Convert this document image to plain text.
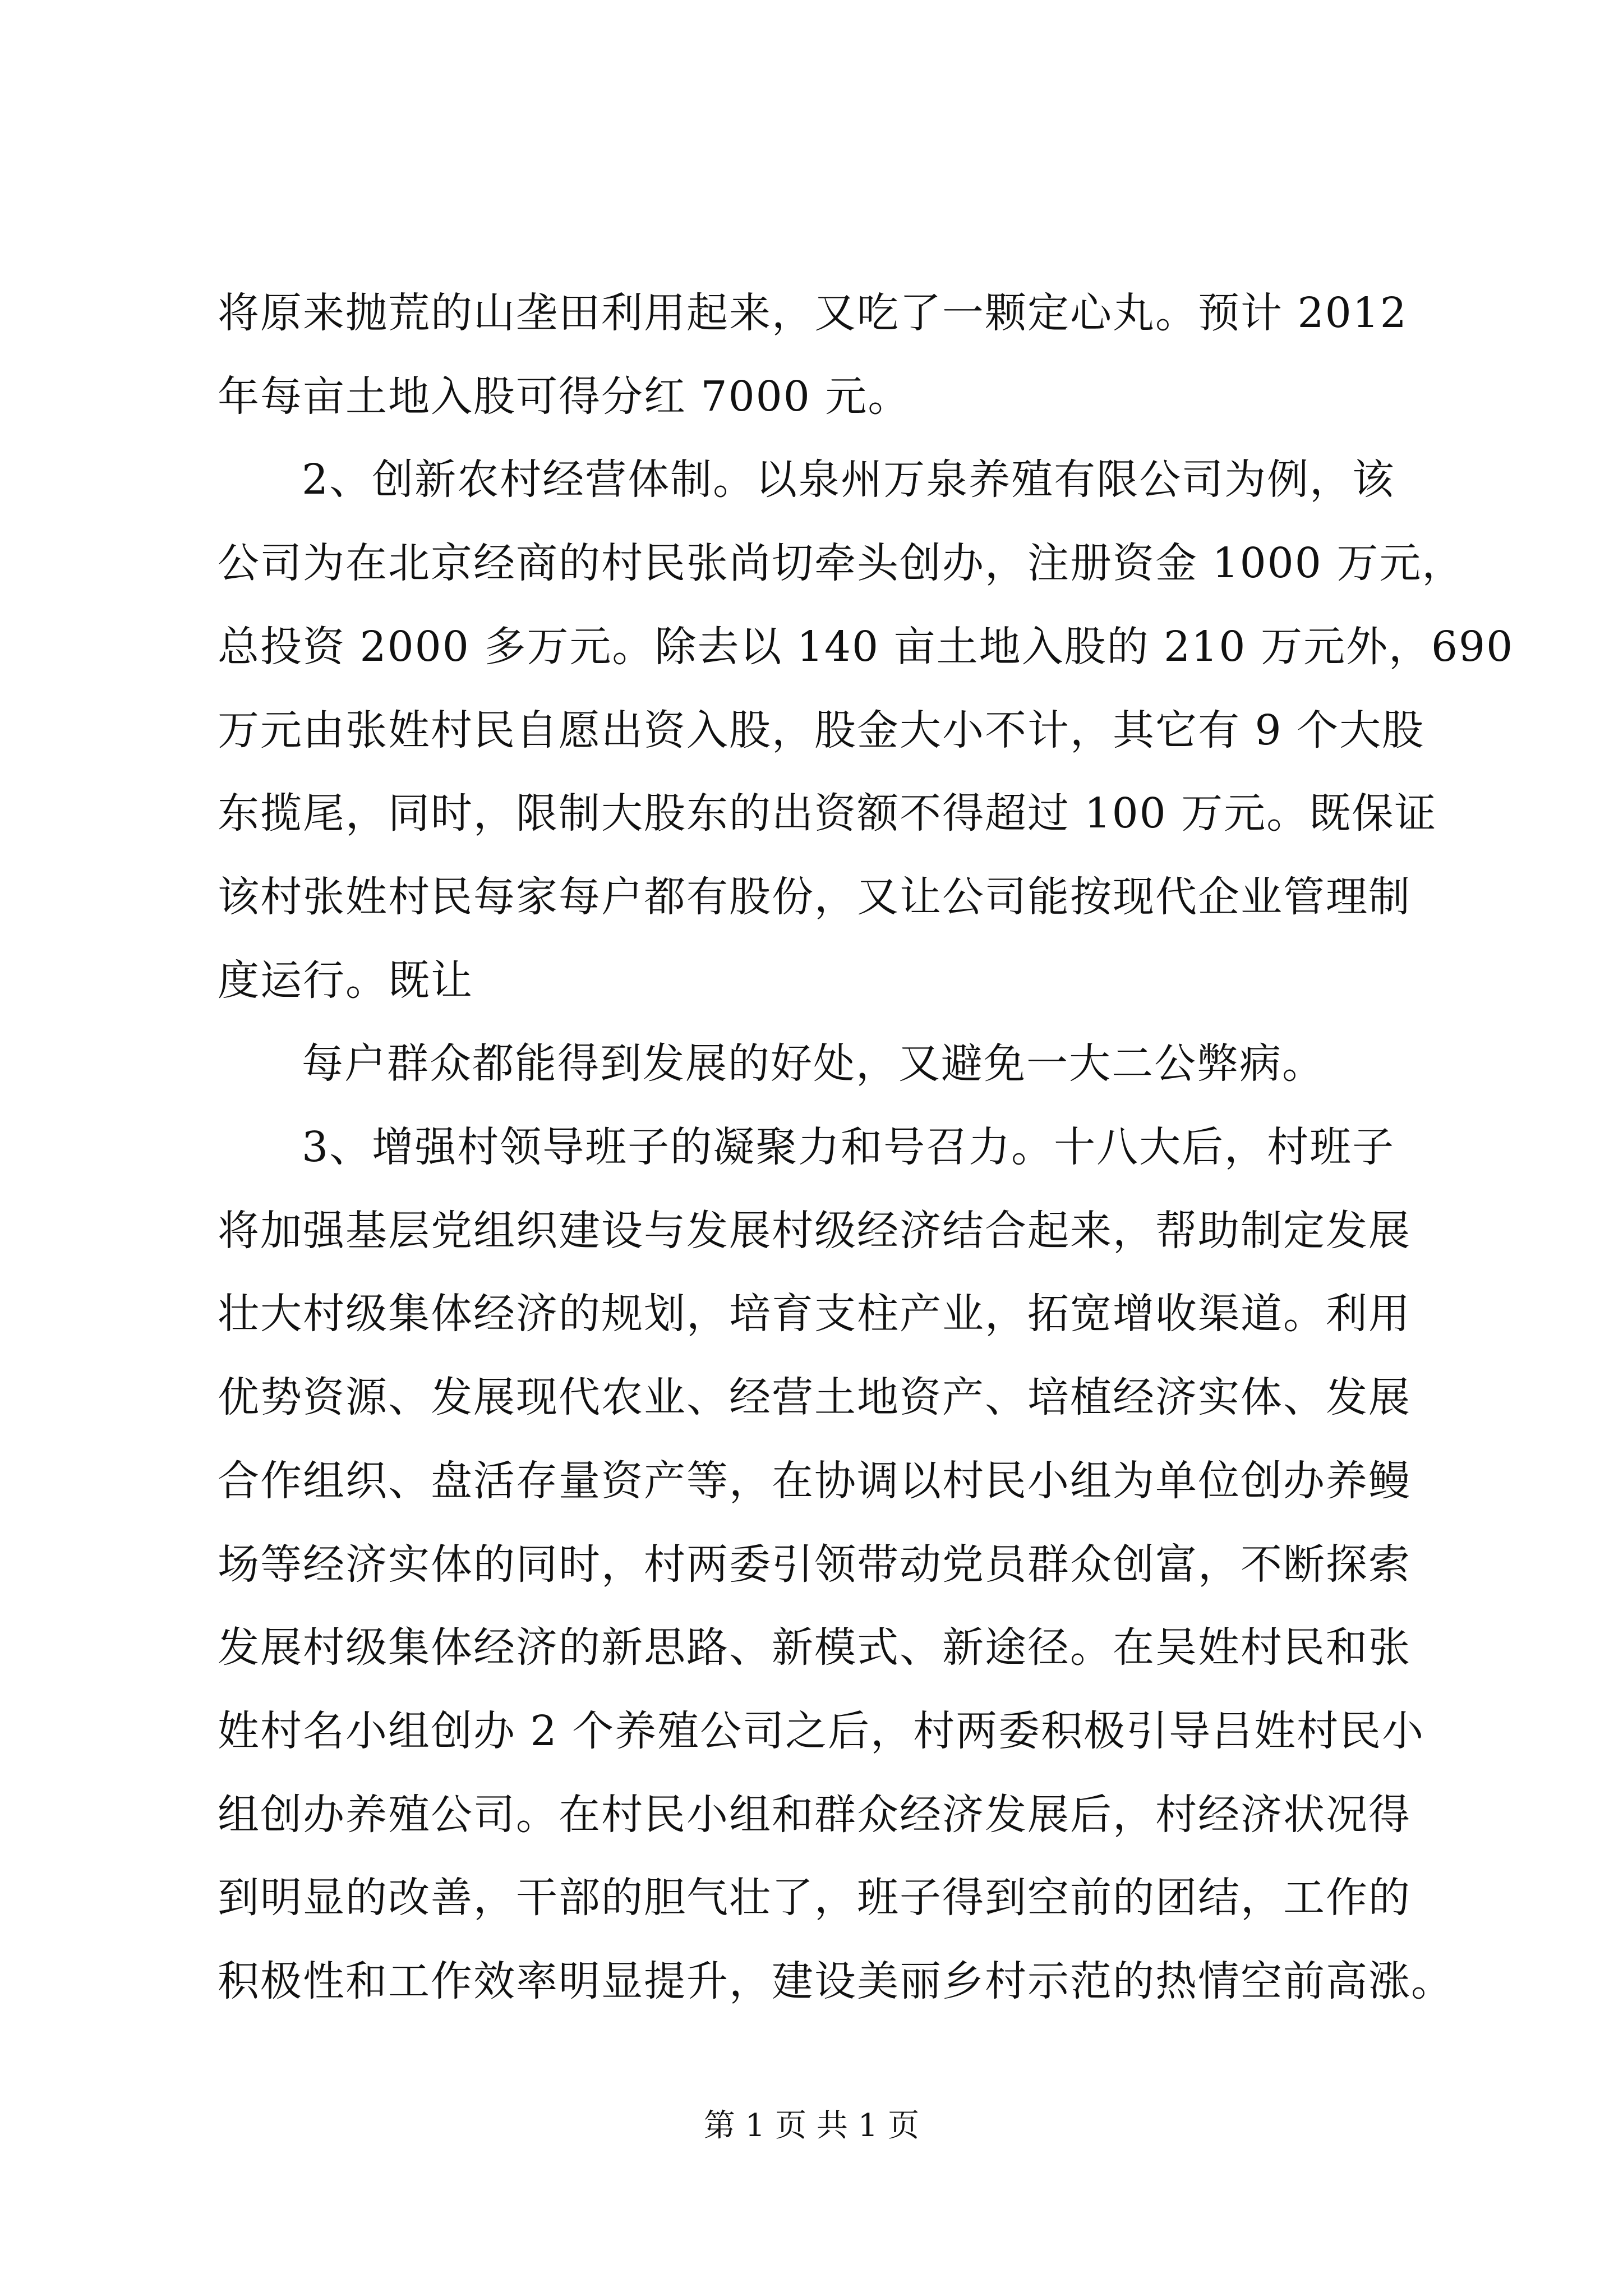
将原来抛荒的山垄田利用起来，又吃了一颗定心丸。预计 2012
年每亩土地入股可得分红 7000 元。
2、创新农村经营体制。以泉州万泉养殖有限公司为例，该
公司为在北京经商的村民张尚切牵头创办，注册资金 1000 万元，
总投资 2000 多万元。除去以 140 亩土地入股的 210 万元外，690
万元由张姓村民自愿出资入股，股金大小不计，其它有 9 个大股
东揽尾，同时，限制大股东的出资额不得超过 100 万元。既保证
该村张姓村民每家每户都有股份，又让公司能按现代企业管理制
度运行。既让
每户群众都能得到发展的好处，又避免一大二公弊病。
3、增强村领导班子的凝聚力和号召力。十八大后，村班子
将加强基层党组织建设与发展村级经济结合起来，帮助制定发展
壮大村级集体经济的规划，培育支柱产业，拓宽增收渠道。利用
优势资源、发展现代农业、经营土地资产、培植经济实体、发展
合作组织、盘活存量资产等，在协调以村民小组为单位创办养鳗
场等经济实体的同时，村两委引领带动党员群众创富，不断探索
发展村级集体经济的新思路、新模式、新途径。在吴姓村民和张
姓村名小组创办 2 个养殖公司之后，村两委积极引导吕姓村民小
组创办养殖公司。在村民小组和群众经济发展后，村经济状况得
到明显的改善，干部的胆气壮了，班子得到空前的团结，工作的
积极性和工作效率明显提升，建设美丽乡村示范的热情空前高涨。
第 1 页 共 1 页
